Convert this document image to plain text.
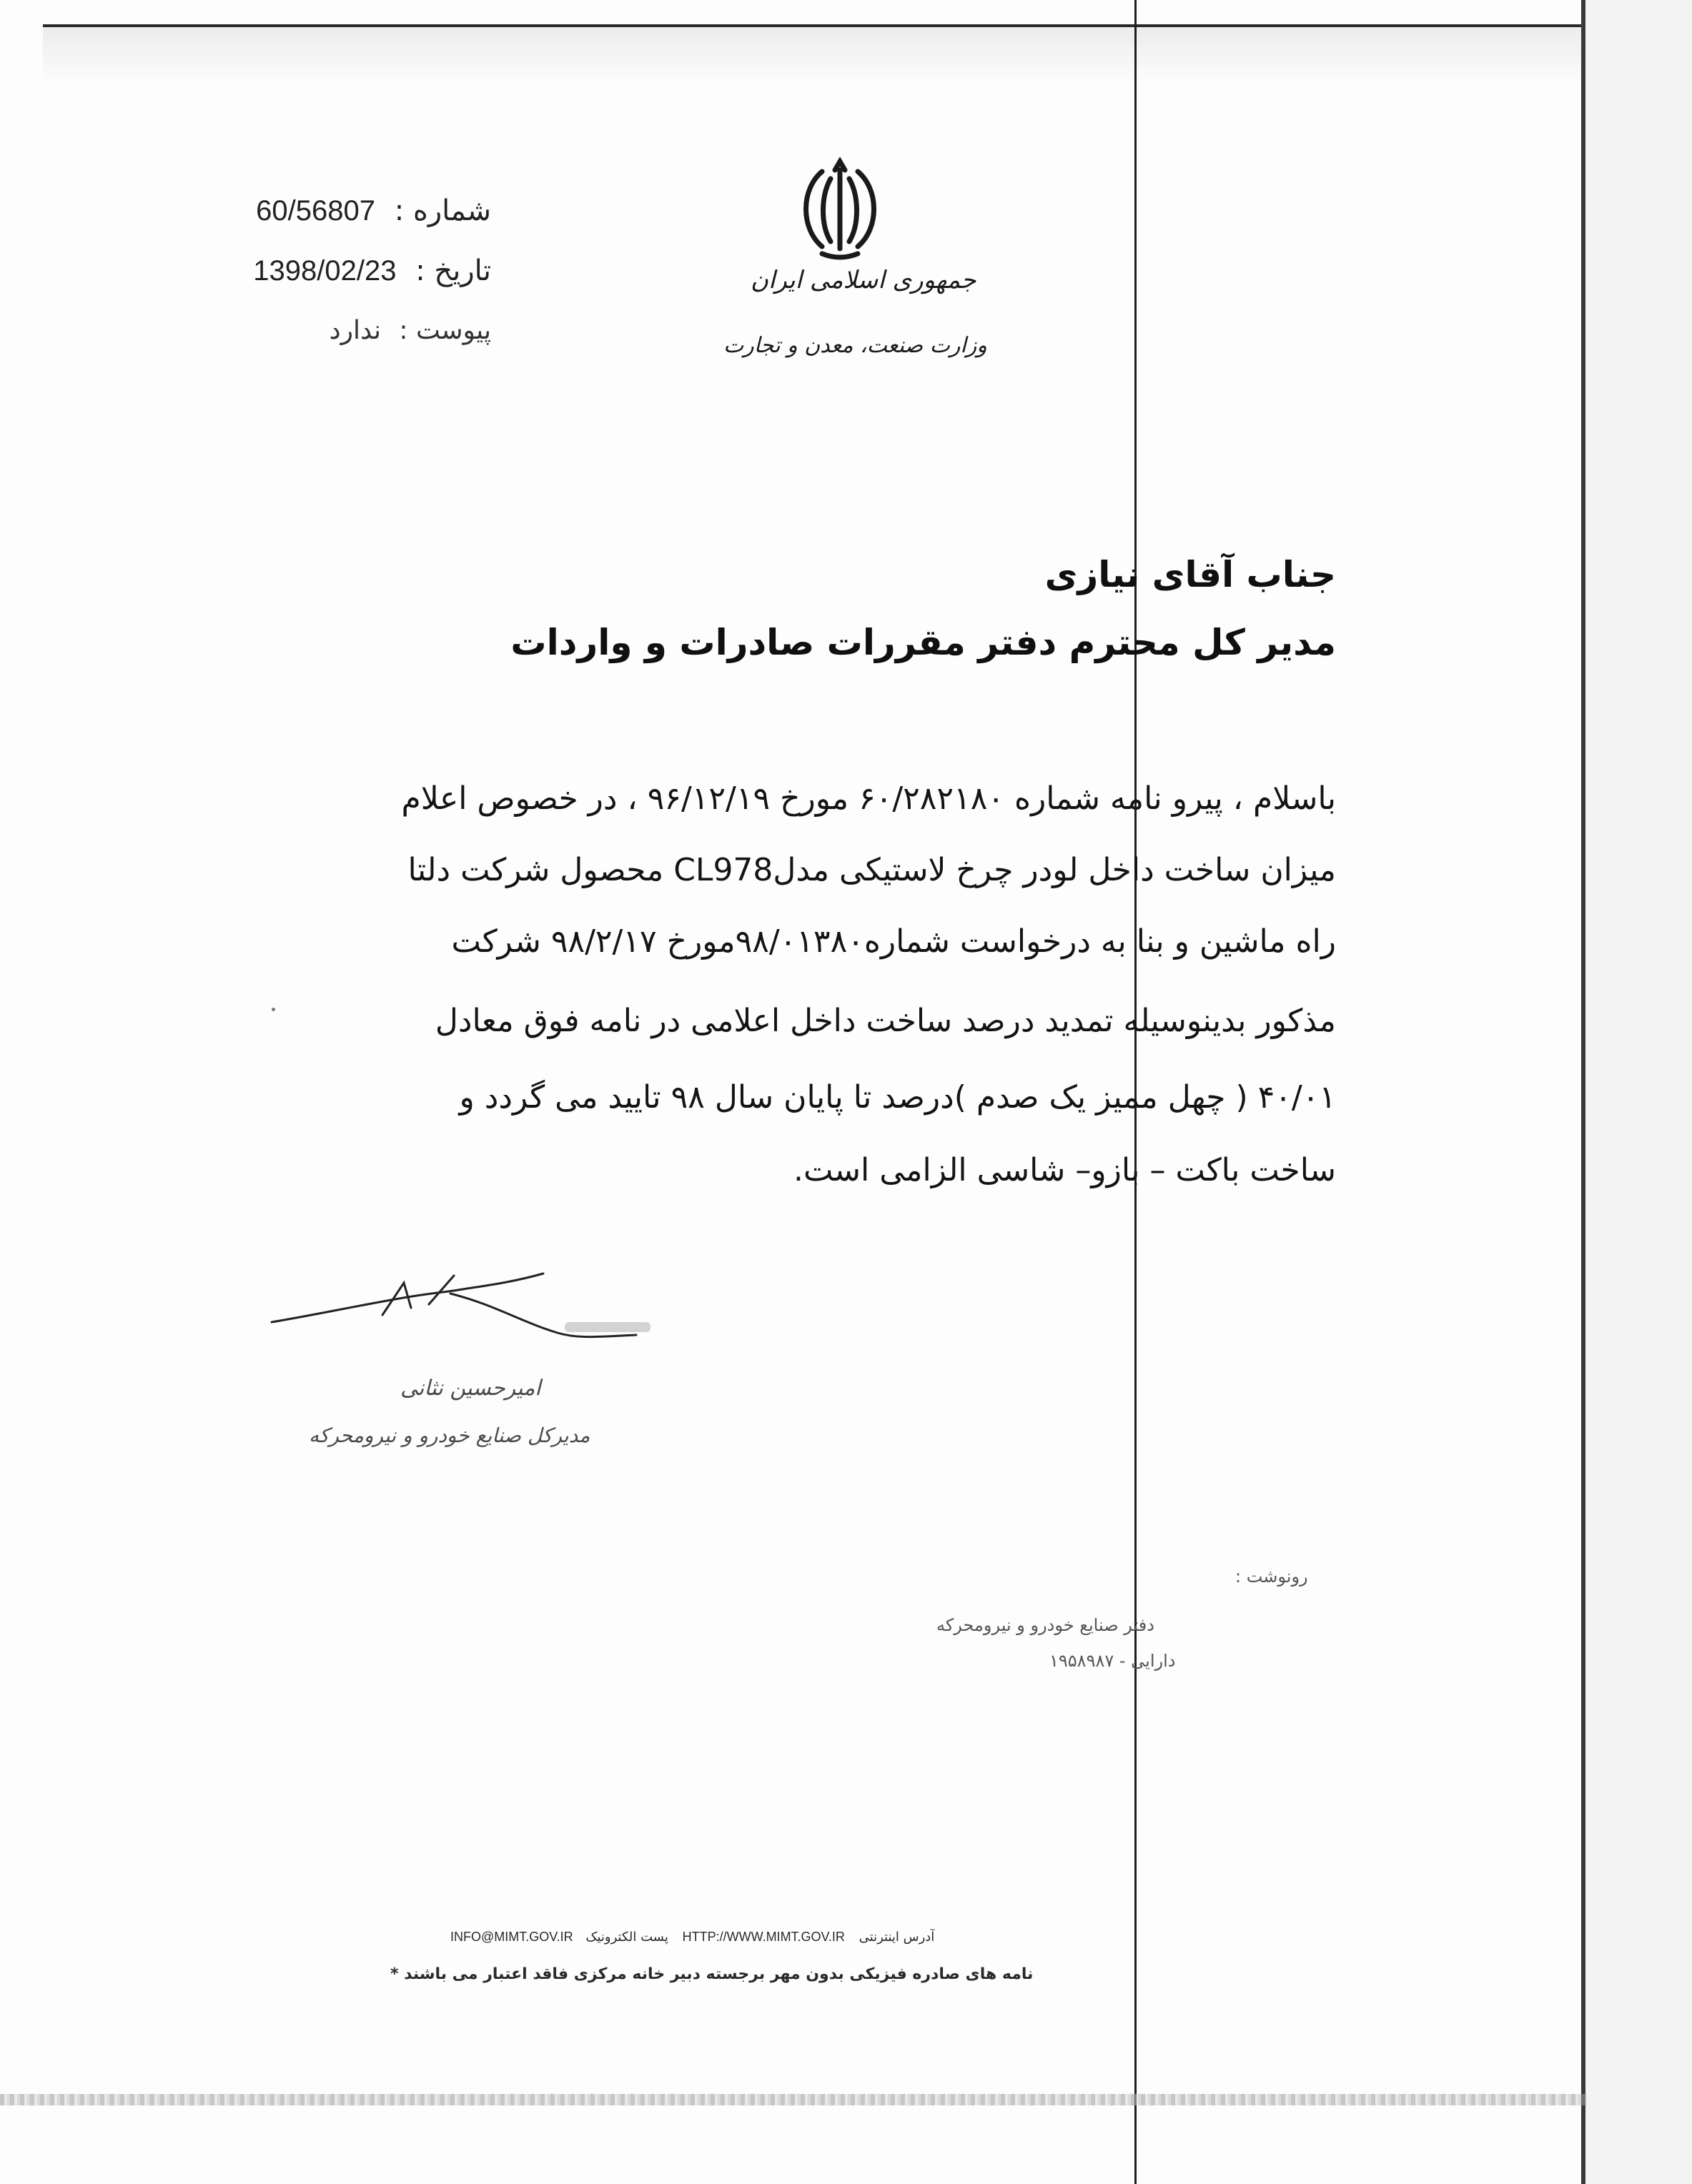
شماره : 60/56807
تاریخ : 1398/02/23
پیوست : ندارد
جمهوری اسلامی ایران
وزارت صنعت، معدن و تجارت
جناب آقای نیازی
مدیر کل محترم دفتر مقررات صادرات و واردات
باسلام ، پیرو نامه شماره ۶۰/۲۸۲۱۸۰ مورخ ۹۶/۱۲/۱۹ ، در خصوص اعلام
میزان ساخت داخل لودر چرخ لاستیکی مدلCL978 محصول شرکت دلتا
راه ماشین و بنا به درخواست شماره۹۸/۰۱۳۸۰مورخ ۹۸/۲/۱۷ شرکت
مذکور بدینوسیله تمدید درصد ساخت داخل اعلامی در نامه فوق معادل
۴۰/۰۱ ( چهل ممیز یک صدم )درصد تا پایان سال ۹۸ تایید می گردد و
ساخت باکت – بازو– شاسی الزامی است.
امیرحسین نثانی
مدیرکل صنایع خودرو و نیرومحرکه
رونوشت :
دفتر صنایع خودرو و نیرومحرکه
دارایی - ۱۹۵۸۹۸۷
آدرس اینترنتی HTTP://WWW.MIMT.GOV.IR پست الکترونیک INFO@MIMT.GOV.IR
نامه های صادره فیزیکی بدون مهر برجسته دبیر خانه مرکزی فاقد اعتبار می باشند *
